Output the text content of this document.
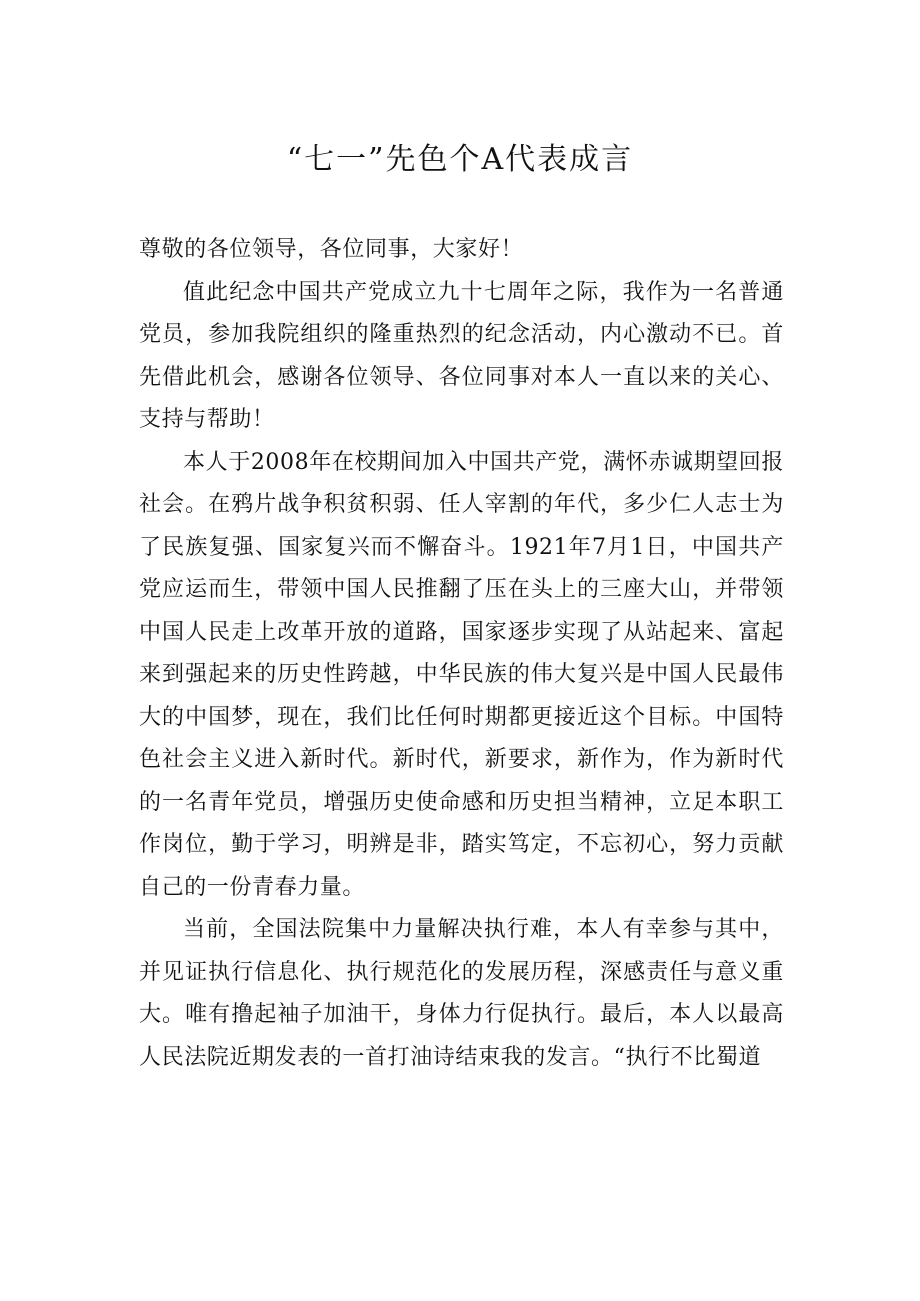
“七一”先色个A代表成言

尊敬的各位领导，各位同事，大家好！

值此纪念中国共产党成立九十七周年之际，我作为一名普通党员，参加我院组织的隆重热烈的纪念活动，内心激动不已。首先借此机会，感谢各位领导、各位同事对本人一直以来的关心、支持与帮助！

本人于2008年在校期间加入中国共产党，满怀赤诚期望回报社会。在鸦片战争积贫积弱、任人宰割的年代，多少仁人志士为了民族复强、国家复兴而不懈奋斗。1921年7月1日，中国共产党应运而生，带领中国人民推翻了压在头上的三座大山，并带领中国人民走上改革开放的道路，国家逐步实现了从站起来、富起来到强起来的历史性跨越，中华民族的伟大复兴是中国人民最伟大的中国梦，现在，我们比任何时期都更接近这个目标。中国特色社会主义进入新时代。新时代，新要求，新作为，作为新时代的一名青年党员，增强历史使命感和历史担当精神，立足本职工作岗位，勤于学习，明辨是非，踏实笃定，不忘初心，努力贡献自己的一份青春力量。

当前，全国法院集中力量解决执行难，本人有幸参与其中，并见证执行信息化、执行规范化的发展历程，深感责任与意义重大。唯有撸起袖子加油干，身体力行促执行。最后，本人以最高人民法院近期发表的一首打油诗结束我的发言。“执行不比蜀道
